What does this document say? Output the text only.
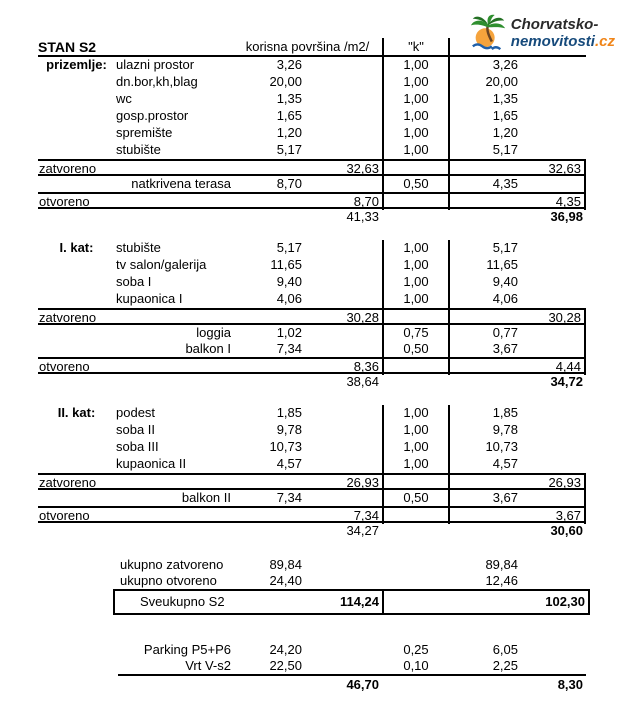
Chorvatsko-
nemovitosti.cz
STAN S2	korisna površina /m2/	"k"
prizemlje: ulazni prostor	3,26	1,00	3,26
dn.bor,kh,blag	20,00	1,00	20,00
wc	1,35	1,00	1,35
gosp.prostor	1,65	1,00	1,65
spremište	1,20	1,00	1,20
stubište	5,17	1,00	5,17
zatvoreno	32,63	32,63
natkrivena terasa	8,70	0,50	4,35
otvoreno	8,70	4,35
41,33	36,98
I. kat:	stubište	5,17	1,00	5,17
tv salon/galerija	11,65	1,00	11,65
soba I	9,40	1,00	9,40
kupaonica I	4,06	1,00	4,06
zatvoreno	30,28	30,28
loggia	1,02	0,75	0,77
balkon I	7,34	0,50	3,67
otvoreno	8,36	4,44
38,64	34,72
II. kat:	podest	1,85	1,00	1,85
soba II	9,78	1,00	9,78
soba III	10,73	1,00	10,73
kupaonica II	4,57	1,00	4,57
zatvoreno	26,93	26,93
balkon II	7,34	0,50	3,67
otvoreno	7,34	3,67
34,27	30,60
ukupno zatvoreno	89,84	89,84
ukupno otvoreno	24,40	12,46
Sveukupno S2	114,24	102,30
Parking P5+P6	24,20	0,25	6,05
Vrt V-s2	22,50	0,10	2,25
46,70	8,30
